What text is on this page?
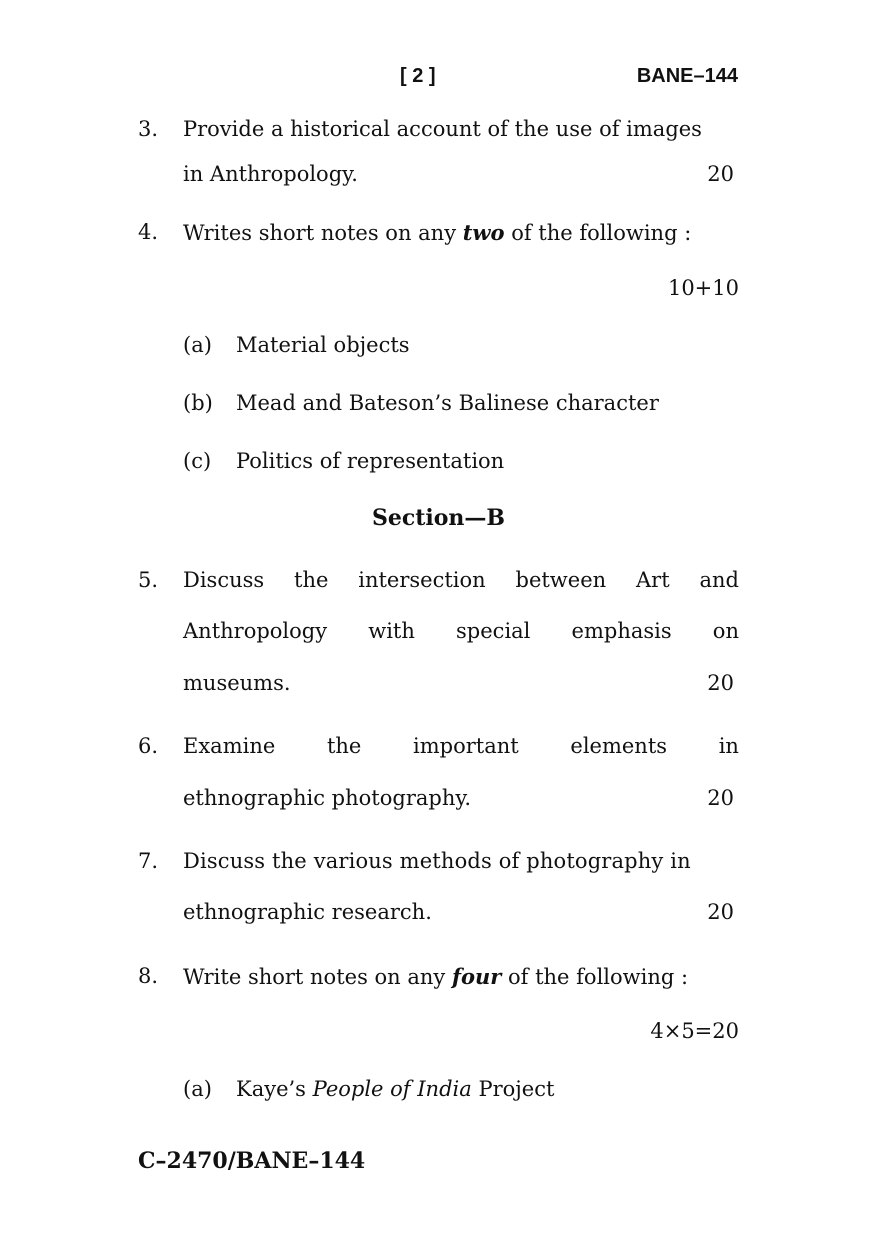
[ 2 ]	BANE–144
3. Provide a historical account of the use of images
in Anthropology.	20
4. Writes short notes on any two of the following :
10+10
(a) Material objects
(b) Mead and Bateson’s Balinese character
(c) Politics of representation
Section—B
5. Discuss the intersection between Art and
Anthropology with special emphasis on
museums.	20
6. Examine the important elements in
ethnographic photography.	20
7. Discuss the various methods of photography in
ethnographic research.	20
8. Write short notes on any four of the following :
4×5=20
(a) Kaye’s People of India Project
C–2470/BANE–144
